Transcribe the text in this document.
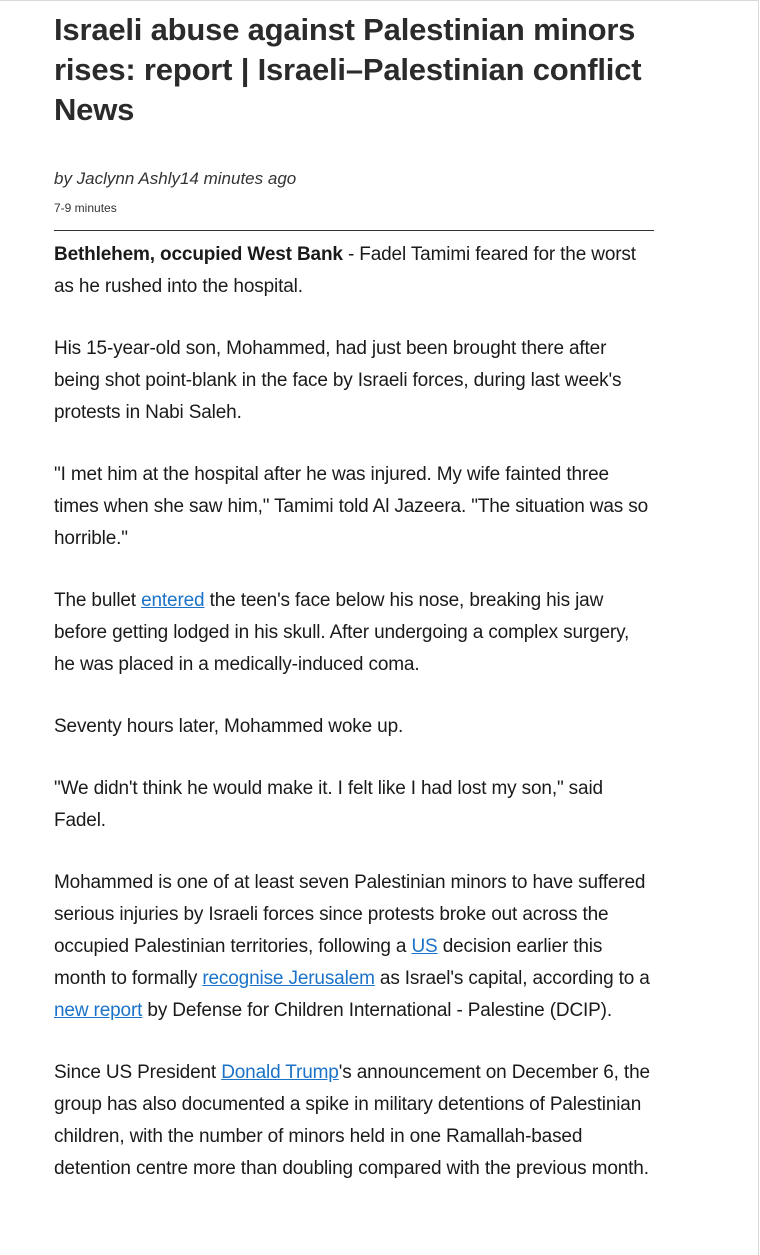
Israeli abuse against Palestinian minors rises: report | Israeli–Palestinian conflict News
by Jaclynn Ashly14 minutes ago
7-9 minutes

Bethlehem, occupied West Bank - Fadel Tamimi feared for the worst as he rushed into the hospital.

His 15-year-old son, Mohammed, had just been brought there after being shot point-blank in the face by Israeli forces, during last week's protests in Nabi Saleh.

"I met him at the hospital after he was injured. My wife fainted three times when she saw him," Tamimi told Al Jazeera. "The situation was so horrible."

The bullet entered the teen's face below his nose, breaking his jaw before getting lodged in his skull. After undergoing a complex surgery, he was placed in a medically-induced coma.

Seventy hours later, Mohammed woke up.

"We didn't think he would make it. I felt like I had lost my son," said Fadel.

Mohammed is one of at least seven Palestinian minors to have suffered serious injuries by Israeli forces since protests broke out across the occupied Palestinian territories, following a US decision earlier this month to formally recognise Jerusalem as Israel's capital, according to a new report by Defense for Children International - Palestine (DCIP).

Since US President Donald Trump's announcement on December 6, the group has also documented a spike in military detentions of Palestinian children, with the number of minors held in one Ramallah-based detention centre more than doubling compared with the previous month.
